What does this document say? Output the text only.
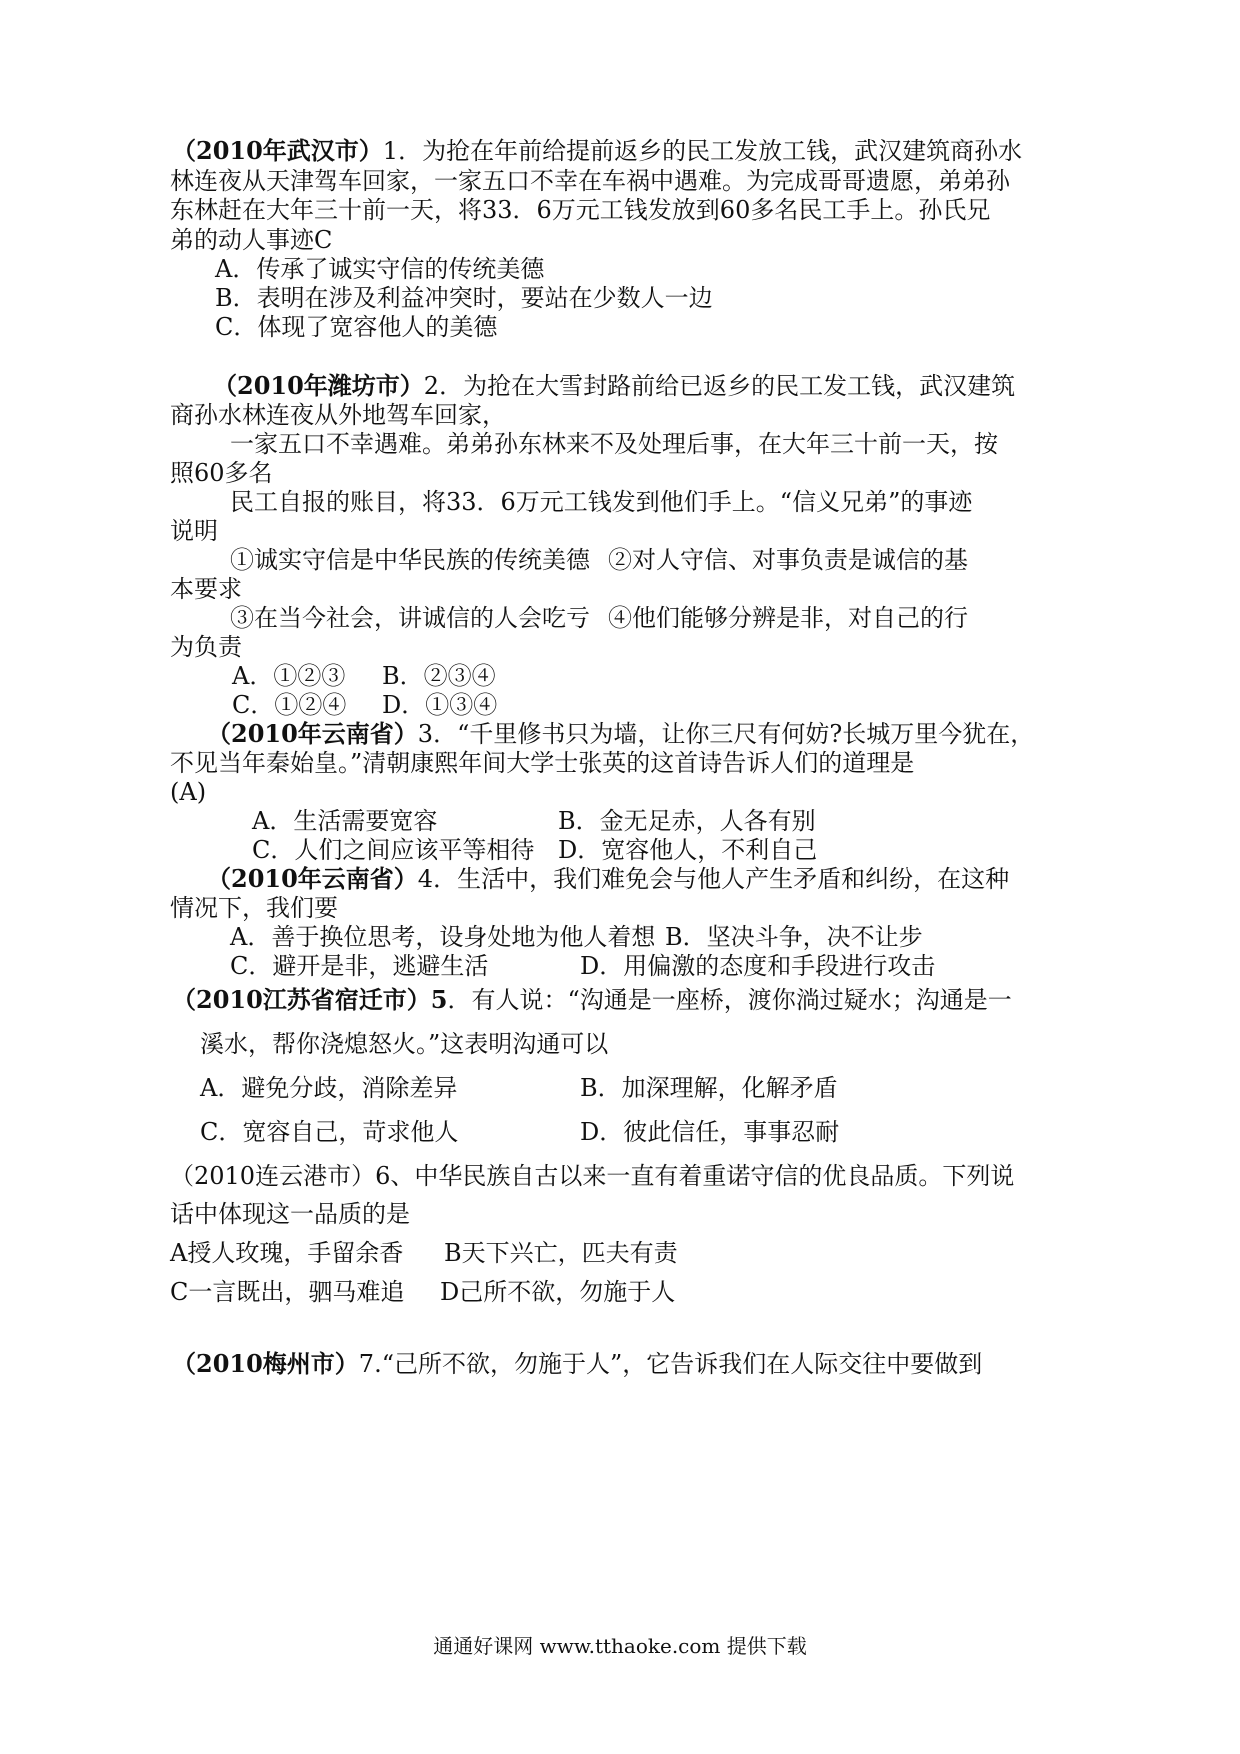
（2010年武汉市）1．为抢在年前给提前返乡的民工发放工钱，武汉建筑商孙水
林连夜从天津驾车回家，一家五口不幸在车祸中遇难。为完成哥哥遗愿，弟弟孙
东林赶在大年三十前一天，将33．6万元工钱发放到60多名民工手上。孙氏兄
弟的动人事迹C
A．传承了诚实守信的传统美德
B．表明在涉及利益冲突时，要站在少数人一边
C．体现了宽容他人的美德
（2010年潍坊市）2．为抢在大雪封路前给已返乡的民工发工钱，武汉建筑
商孙水林连夜从外地驾车回家，
一家五口不幸遇难。弟弟孙东林来不及处理后事，在大年三十前一天，按
照60多名
民工自报的账目，将33．6万元工钱发到他们手上。“信义兄弟”的事迹
说明
①诚实守信是中华民族的传统美德 ②对人守信、对事负责是诚信的基
本要求
③在当今社会，讲诚信的人会吃亏 ④他们能够分辨是非，对自己的行
为负责
A．①②③ B．②③④
C．①②④ D．①③④
（2010年云南省）3．“千里修书只为墙，让你三尺有何妨?长城万里今犹在，
不见当年秦始皇。”清朝康熙年间大学士张英的这首诗告诉人们的道理是
(A)
A．生活需要宽容	B．金无足赤，人各有别
C．人们之间应该平等相待 D．宽容他人，不利自己
（2010年云南省）4．生活中，我们难免会与他人产生矛盾和纠纷，在这种
情况下，我们要
A．善于换位思考，设身处地为他人着想 B．坚决斗争，决不让步
C．避开是非，逃避生活	D．用偏激的态度和手段进行攻击
（2010江苏省宿迁市）5．有人说：“沟通是一座桥，渡你淌过疑水；沟通是一
溪水，帮你浇熄怒火。”这表明沟通可以
A．避免分歧，消除差异	B．加深理解，化解矛盾
C．宽容自己，苛求他人	D．彼此信任，事事忍耐
（2010连云港市）6、中华民族自古以来一直有着重诺守信的优良品质。下列说
话中体现这一品质的是
A授人玫瑰，手留余香 B天下兴亡，匹夫有责
C一言既出，驷马难追 D己所不欲，勿施于人
（2010梅州市）7.“己所不欲，勿施于人”，它告诉我们在人际交往中要做到
通通好课网 www.tthaoke.com 提供下载
